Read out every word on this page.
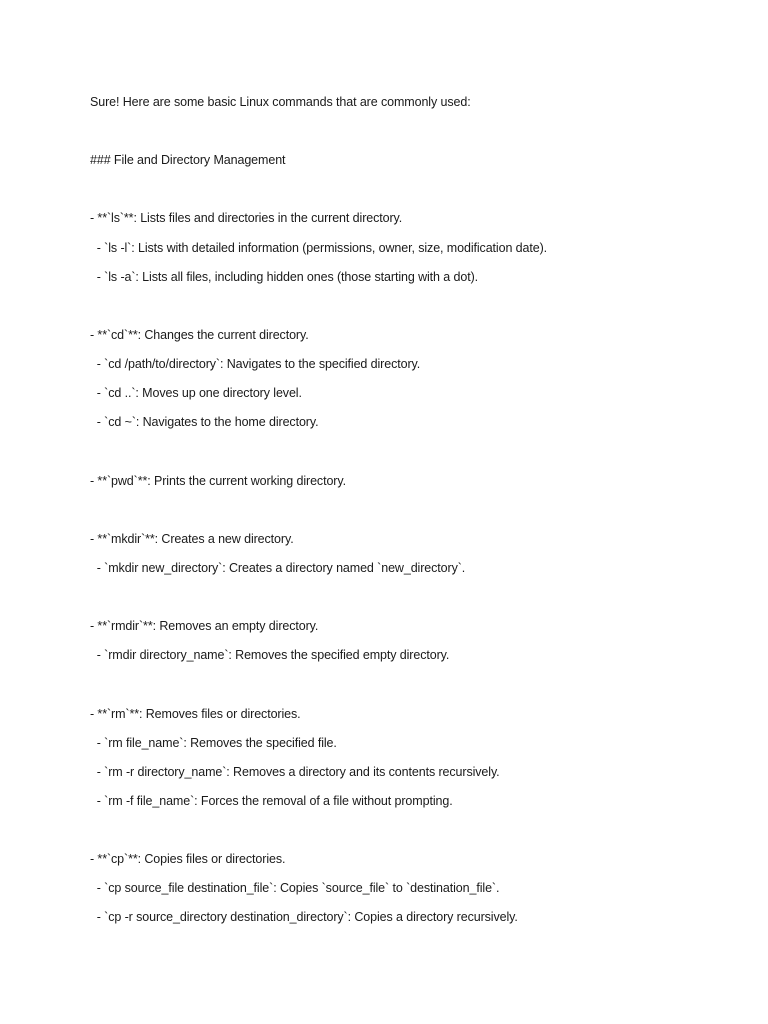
Sure! Here are some basic Linux commands that are commonly used:
### File and Directory Management
- **`ls`**: Lists files and directories in the current directory.
- `ls -l`: Lists with detailed information (permissions, owner, size, modification date).
- `ls -a`: Lists all files, including hidden ones (those starting with a dot).
- **`cd`**: Changes the current directory.
- `cd /path/to/directory`: Navigates to the specified directory.
- `cd ..`: Moves up one directory level.
- `cd ~`: Navigates to the home directory.
- **`pwd`**: Prints the current working directory.
- **`mkdir`**: Creates a new directory.
- `mkdir new_directory`: Creates a directory named `new_directory`.
- **`rmdir`**: Removes an empty directory.
- `rmdir directory_name`: Removes the specified empty directory.
- **`rm`**: Removes files or directories.
- `rm file_name`: Removes the specified file.
- `rm -r directory_name`: Removes a directory and its contents recursively.
- `rm -f file_name`: Forces the removal of a file without prompting.
- **`cp`**: Copies files or directories.
- `cp source_file destination_file`: Copies `source_file` to `destination_file`.
- `cp -r source_directory destination_directory`: Copies a directory recursively.
